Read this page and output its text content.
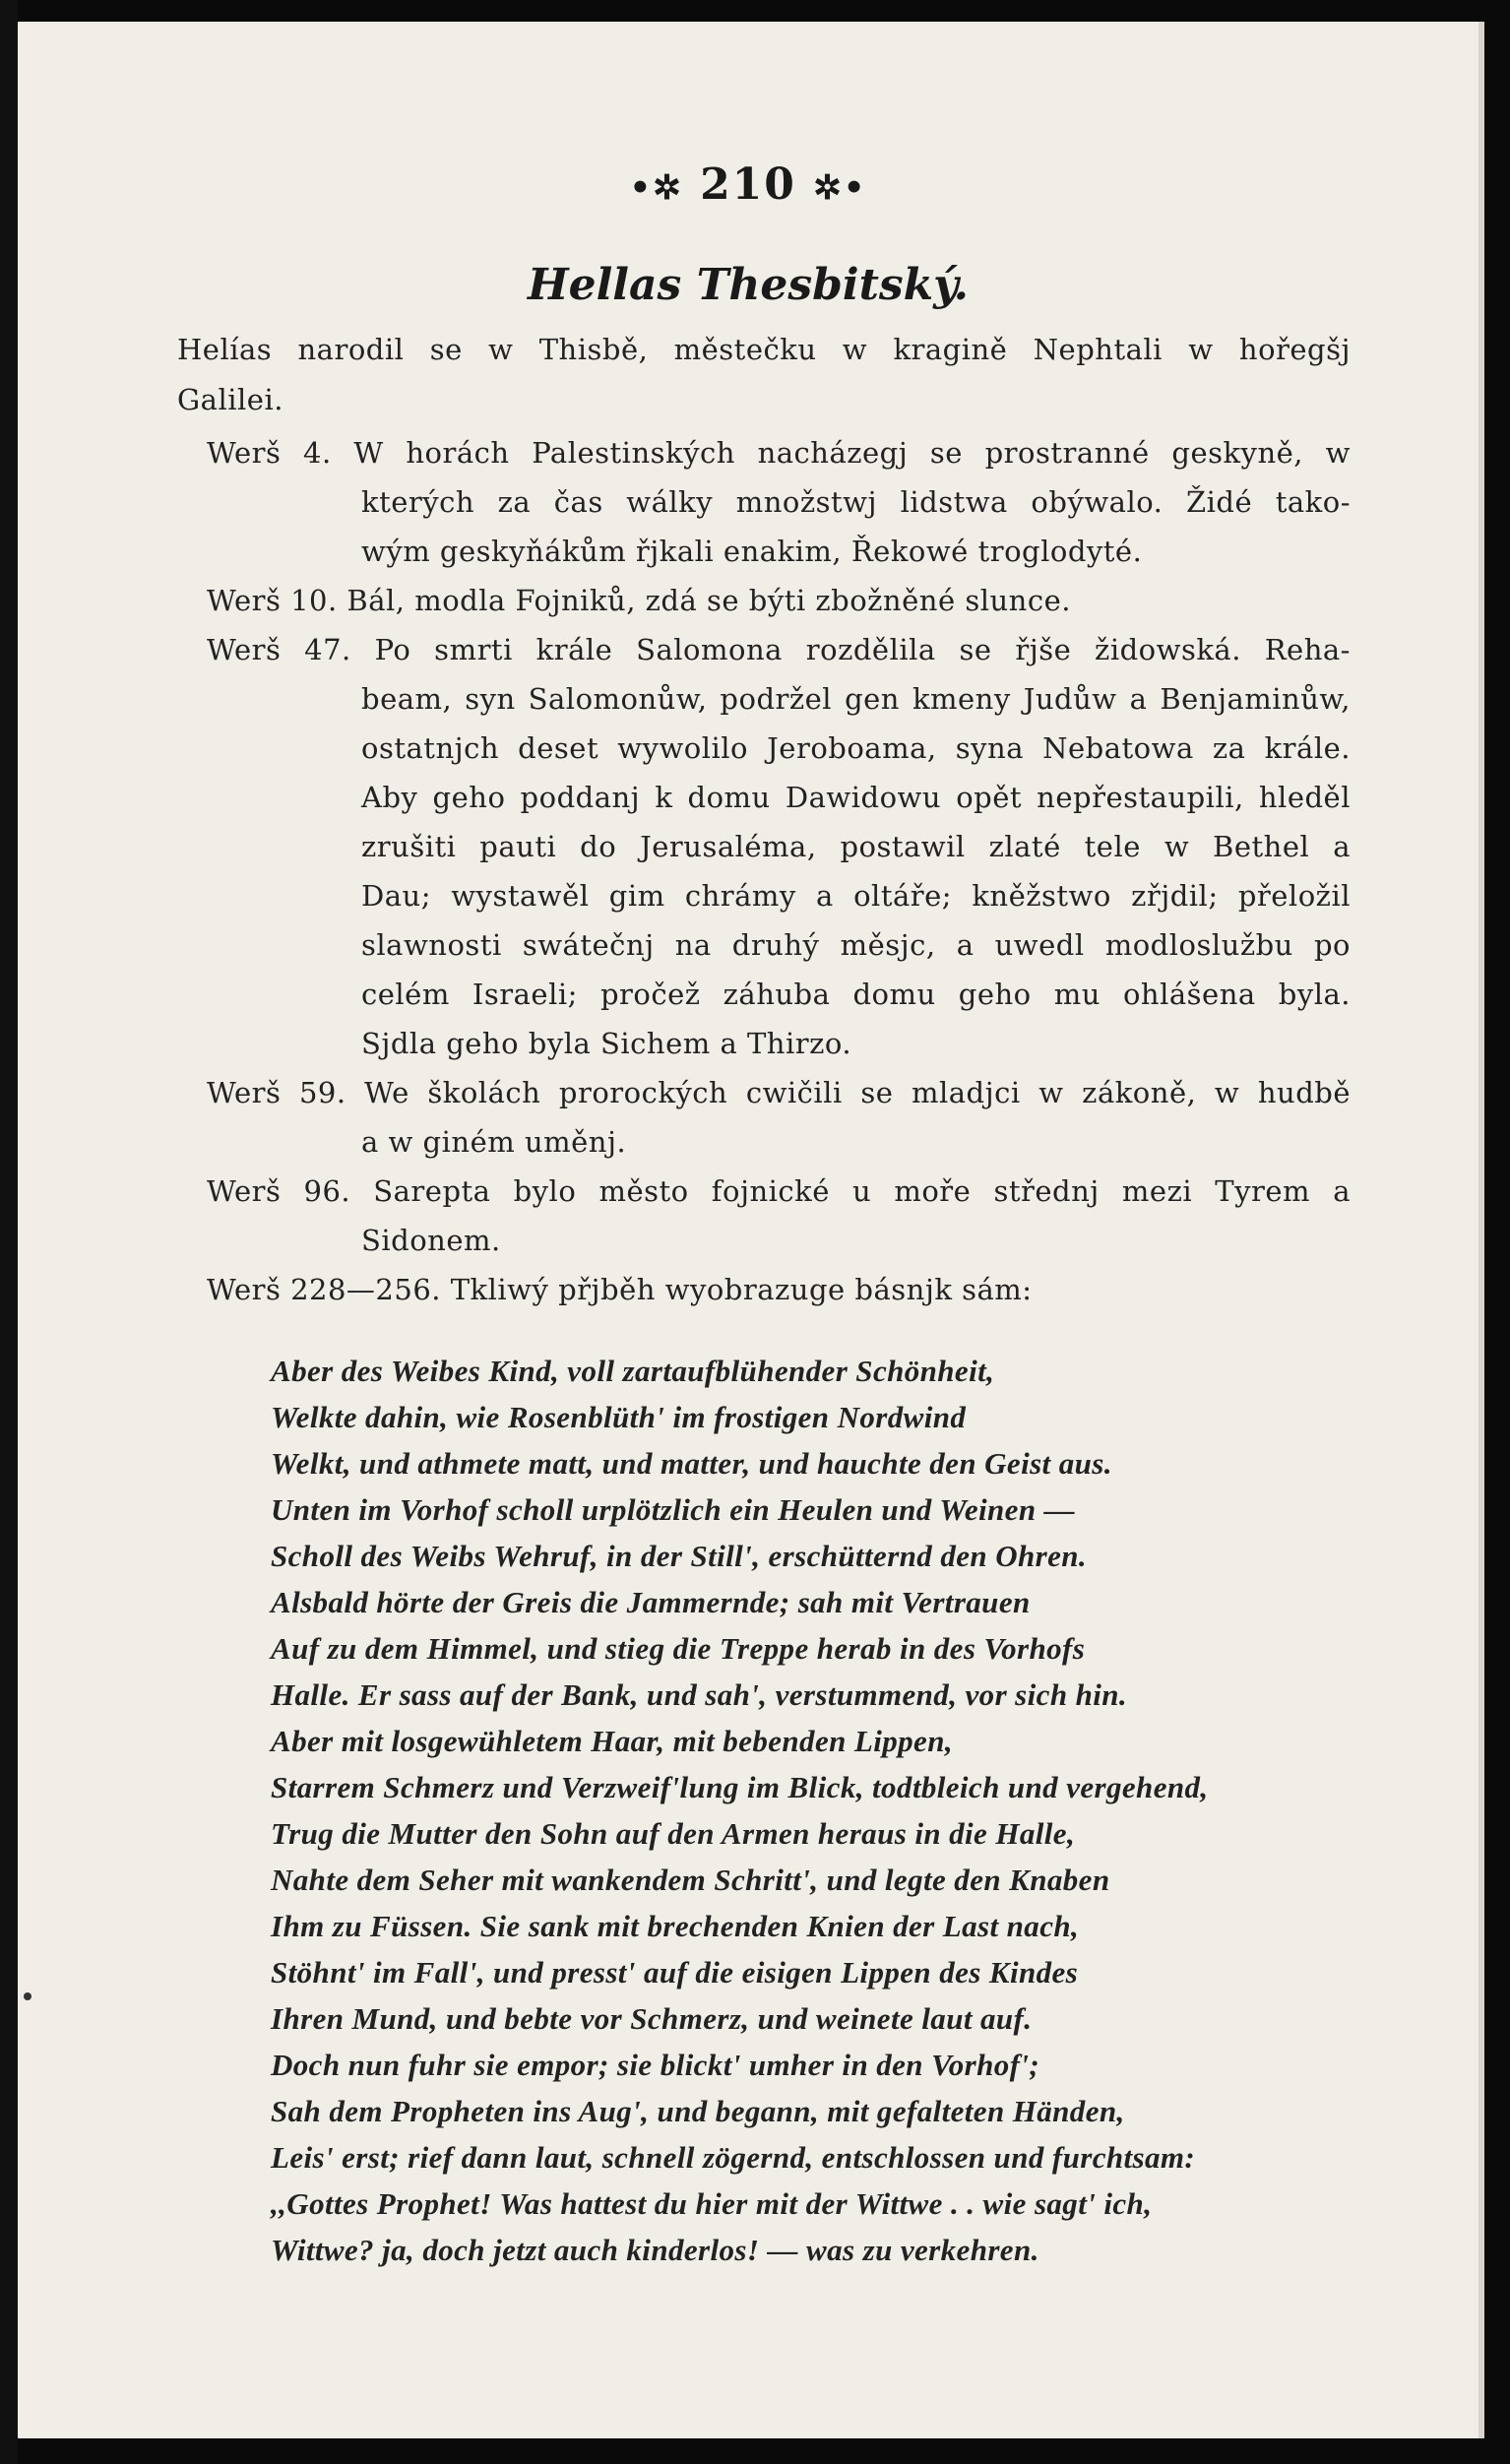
•✲ 210 ✲•
Hellas Thesbitský.
Helías narodil se w Thisbě, městečku w kragině Nephtali w hořegšj
Galilei.
Werš 4. W horách Palestinských nacházegj se prostranné geskyně, w
kterých za čas wálky množstwj lidstwa obýwalo. Židé tako-
wým geskyňákům řjkali enakim, Řekowé troglodyté.
Werš 10. Bál, modla Fojniků, zdá se býti zbožněné slunce.
Werš 47. Po smrti krále Salomona rozdělila se řjše židowská. Reha-
beam, syn Salomonůw, podržel gen kmeny Judůw a Benjaminůw,
ostatnjch deset wywolilo Jeroboama, syna Nebatowa za krále.
Aby geho poddanj k domu Dawidowu opět nepřestaupili, hleděl
zrušiti pauti do Jerusaléma, postawil zlaté tele w Bethel a
Dau; wystawěl gim chrámy a oltáře; kněžstwo zřjdil; přeložil
slawnosti swátečnj na druhý měsjc, a uwedl modloslužbu po
celém Israeli; pročež záhuba domu geho mu ohlášena byla.
Sjdla geho byla Sichem a Thirzo.
Werš 59. We školách prorockých cwičili se mladjci w zákoně, w hudbě
a w giném uměnj.
Werš 96. Sarepta bylo město fojnické u moře střednj mezi Tyrem a
Sidonem.
Werš 228—256. Tkliwý přjběh wyobrazuge básnjk sám:
Aber des Weibes Kind, voll zartaufblühender Schönheit,
Welkte dahin, wie Rosenblüth' im frostigen Nordwind
Welkt, und athmete matt, und matter, und hauchte den Geist aus.
Unten im Vorhof scholl urplötzlich ein Heulen und Weinen —
Scholl des Weibs Wehruf, in der Still', erschütternd den Ohren.
Alsbald hörte der Greis die Jammernde; sah mit Vertrauen
Auf zu dem Himmel, und stieg die Treppe herab in des Vorhofs
Halle. Er sass auf der Bank, und sah', verstummend, vor sich hin.
Aber mit losgewühletem Haar, mit bebenden Lippen,
Starrem Schmerz und Verzweif'lung im Blick, todtbleich und vergehend,
Trug die Mutter den Sohn auf den Armen heraus in die Halle,
Nahte dem Seher mit wankendem Schritt', und legte den Knaben
Ihm zu Füssen. Sie sank mit brechenden Knien der Last nach,
Stöhnt' im Fall', und presst' auf die eisigen Lippen des Kindes
Ihren Mund, und bebte vor Schmerz, und weinete laut auf.
Doch nun fuhr sie empor; sie blickt' umher in den Vorhof';
Sah dem Propheten ins Aug', und begann, mit gefalteten Händen,
Leis' erst; rief dann laut, schnell zögernd, entschlossen und furchtsam:
,,Gottes Prophet! Was hattest du hier mit der Wittwe . . wie sagt' ich,
Wittwe? ja, doch jetzt auch kinderlos! — was zu verkehren.
